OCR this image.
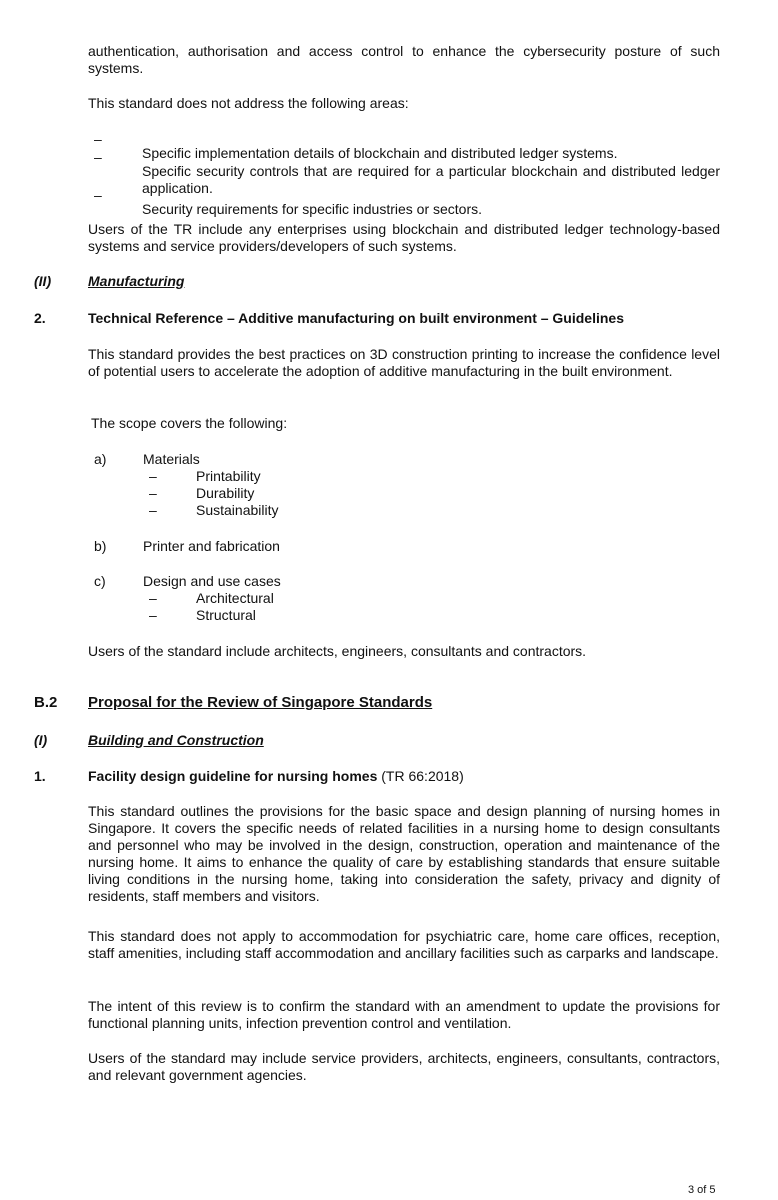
authentication, authorisation and access control to enhance the cybersecurity posture of such systems.

This standard does not address the following areas:

–

Specific implementation details of blockchain and distributed ledger systems.

–

Specific security controls that are required for a particular blockchain and distributed ledger application.

–

Security requirements for specific industries or sectors.

Users of the TR include any enterprises using blockchain and distributed ledger technology-based systems and service providers/developers of such systems.

(II)	Manufacturing
2.	Technical Reference – Additive manufacturing on built environment – Guidelines

This standard provides the best practices on 3D construction printing to increase the confidence level of potential users to accelerate the adoption of additive manufacturing in the built environment.

The scope covers the following:

a)	Materials
–	Printability
–	Durability
–	Sustainability
b)	Printer and fabrication
c)	Design and use cases
–	Architectural
–	Structural

Users of the standard include architects, engineers, consultants and contractors.

B.2 Proposal for the Review of Singapore Standards
(I)	Building and Construction
1.	Facility design guideline for nursing homes (TR 66:2018)

This standard outlines the provisions for the basic space and design planning of nursing homes in Singapore. It covers the specific needs of related facilities in a nursing home to design consultants and personnel who may be involved in the design, construction, operation and maintenance of the nursing home. It aims to enhance the quality of care by establishing standards that ensure suitable living conditions in the nursing home, taking into consideration the safety, privacy and dignity of residents, staff members and visitors.

This standard does not apply to accommodation for psychiatric care, home care offices, reception, staff amenities, including staff accommodation and ancillary facilities such as carparks and landscape.

The intent of this review is to confirm the standard with an amendment to update the provisions for functional planning units, infection prevention control and ventilation.

Users of the standard may include service providers, architects, engineers, consultants, contractors, and relevant government agencies.

3 of 5
